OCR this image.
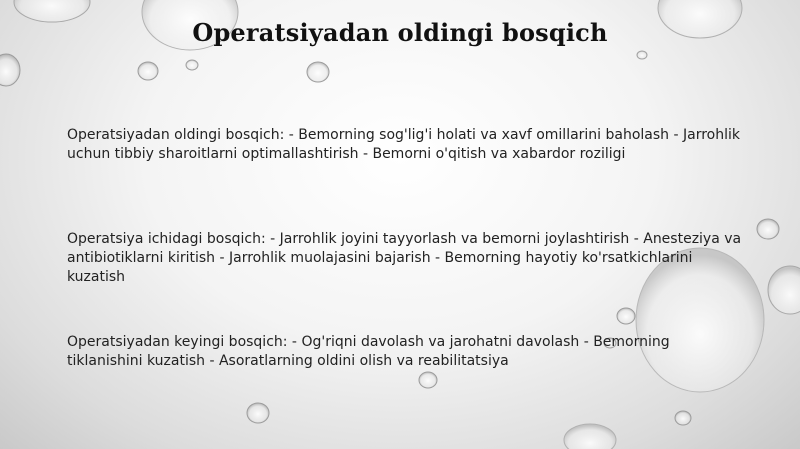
Operatsiyadan oldingi bosqich
Operatsiyadan oldingi bosqich: - Bemorning sog'lig'i holati va xavf omillarini baholash - Jarrohlik uchun tibbiy sharoitlarni optimallashtirish - Bemorni o'qitish va xabardor roziligi
Operatsiya ichidagi bosqich: - Jarrohlik joyini tayyorlash va bemorni joylashtirish - Anesteziya va antibiotiklarni kiritish - Jarrohlik muolajasini bajarish - Bemorning hayotiy ko'rsatkichlarini kuzatish
Operatsiyadan keyingi bosqich: - Og'riqni davolash va jarohatni davolash - Bemorning tiklanishini kuzatish - Asoratlarning oldini olish va reabilitatsiya
